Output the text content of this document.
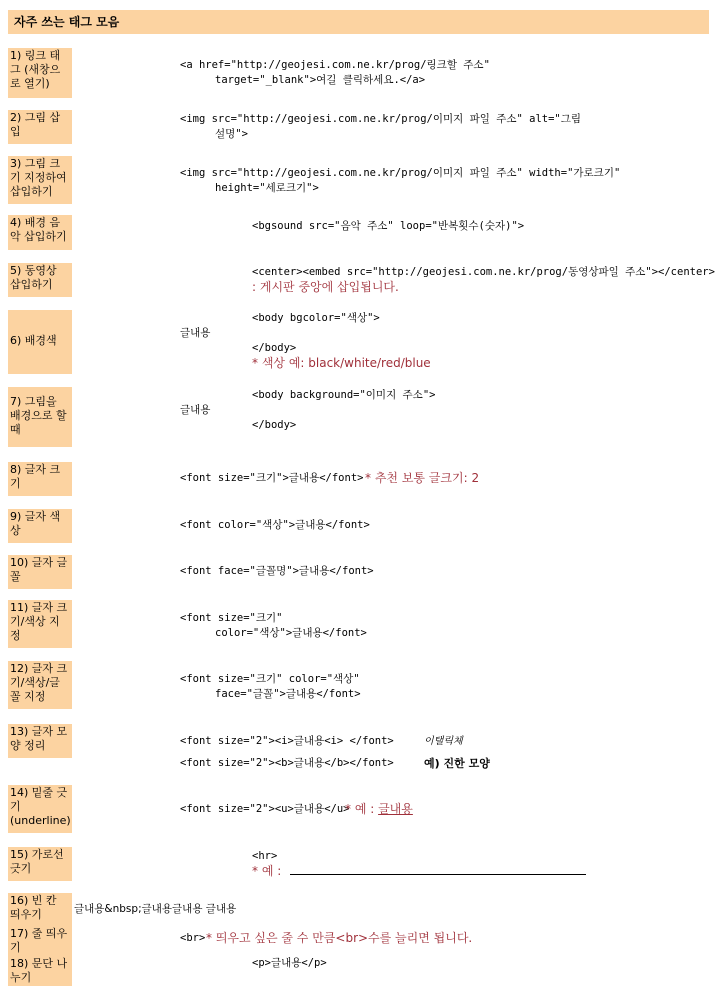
자주 쓰는 태그 모음
1) 링크 태그 (새창으로 열기)
<a href="http://geojesi.com.ne.kr/prog/링크할 주소"
target="_blank">여길 클릭하세요.</a>
2) 그림 삽입
<img src="http://geojesi.com.ne.kr/prog/이미지 파일 주소" alt="그림
설명">
3) 그림 크기 지정하여 삽입하기
<img src="http://geojesi.com.ne.kr/prog/이미지 파일 주소" width="가로크기"
height="세로크기">
4) 배경 음악 삽입하기
<bgsound src="음악 주소" loop="반복횟수(숫자)">
5) 동영상 삽입하기
<center><embed src="http://geojesi.com.ne.kr/prog/동영상파일 주소"></center>
: 게시판 중앙에 삽입됩니다.
6) 배경색
<body bgcolor="색상">
글내용
</body>
* 색상 예: black/white/red/blue
7) 그림을 배경으로 할 때
<body background="이미지 주소">
글내용
</body>
8) 글자 크기	<font size="크기">글내용</font> * 추천 보통 글크기: 2
9) 글자 색상	<font color="색상">글내용</font>
10) 글자 글꼴	<font face="글꼴명">글내용</font>
11) 글자 크기/색상 지정
<font size="크기"
color="색상">글내용</font>
12) 글자 크기/색상/글꼴 지정
<font size="크기" color="색상"
face="글꼴">글내용</font>
13) 글자 모양 정리	<font size="2"><i>글내용<i> </font>	이탤릭체
<font size="2"><b>글내용</b></font>	예) 진한 모양
14) 밑줄 긋기 (underline)
<font size="2"><u>글내용</u>
* 예 : 글내용
15) 가로선 긋기
<hr>
* 예 :
16) 빈 칸 띄우기	글내용&nbsp;글내용글내용 글내용
17) 줄 띄우기
<br> * 띄우고 싶은 줄 수 만큼<br>수를 늘리면 됩니다.
18) 문단 나누기
<p>글내용</p>
